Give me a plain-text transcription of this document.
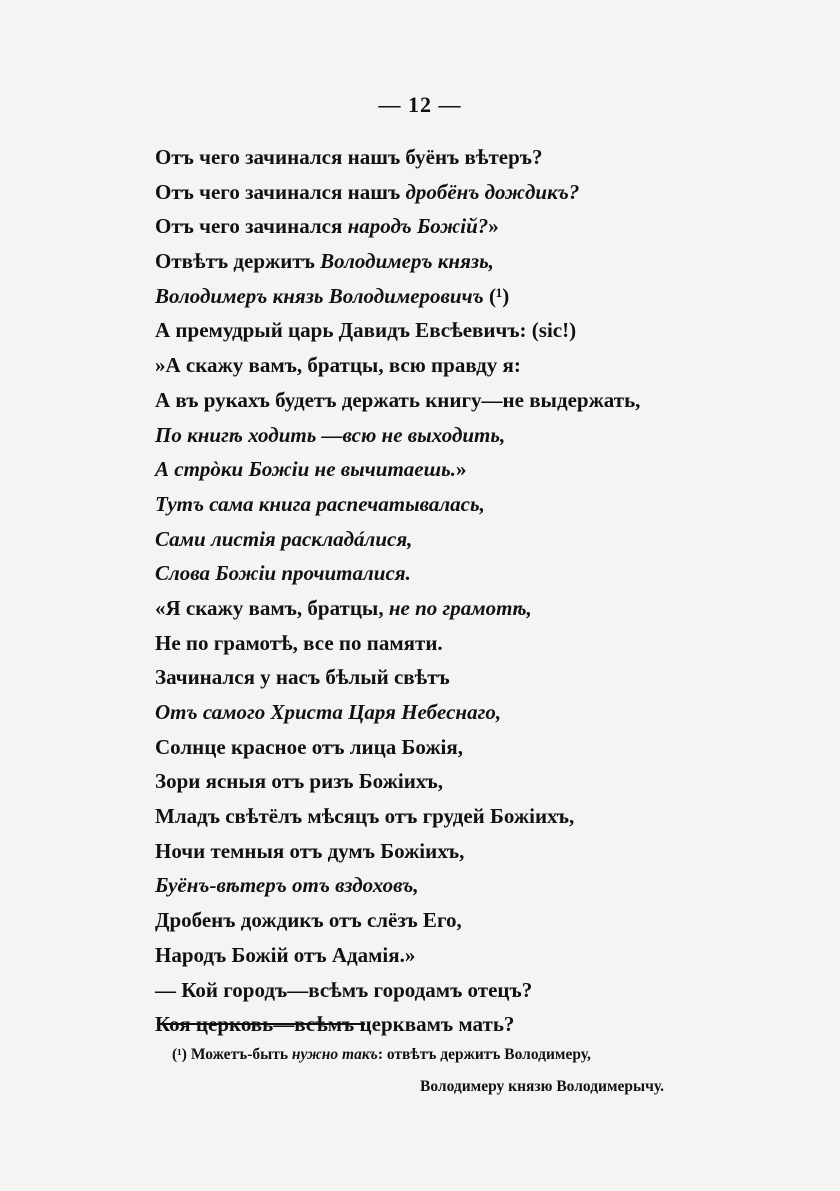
— 12 —
Отъ чего зачинался нашъ буёнъ вѣтеръ?
Отъ чего зачинался нашъ дробёнъ дождикъ?
Отъ чего зачинался народъ Божій?»
Отвѣтъ держитъ Володимеръ князь,
Володимеръ князь Володимеровичъ (¹)
А премудрый царь Давидъ Евсѣевичъ: (sic!)
»А скажу вамъ, братцы, всю правду я:
А въ рукахъ будетъ держать книгу—не выдержать,
По книгѣ ходить —всю не выходить,
А стрòки Божіи не вычитаешь.»
Тутъ сама книга распечатывалась,
Сами листія раскладáлися,
Слова Божіи прочиталися.
«Я скажу вамъ, братцы, не по грамотѣ,
Не по грамотѣ, все по памяти.
Зачинался у насъ бѣлый свѣтъ
Отъ самого Христа Царя Небеснаго,
Солнце красное отъ лица Божія,
Зори ясныя отъ ризъ Божіихъ,
Младъ свѣтёлъ мѣсяцъ отъ грудей Божіихъ,
Ночи темныя отъ думъ Божіихъ,
Буёнъ-вѣтеръ отъ вздоховъ,
Дробенъ дождикъ отъ слёзъ Его,
Народъ Божій отъ Адамія.»
— Кой городъ—всѣмъ городамъ отецъ?
Коя церковь—всѣмъ церквамъ мать?
(¹) Можетъ-быть нужно такъ: отвѣтъ держитъ Володимеру,
Володимеру князю Володимерычу.
